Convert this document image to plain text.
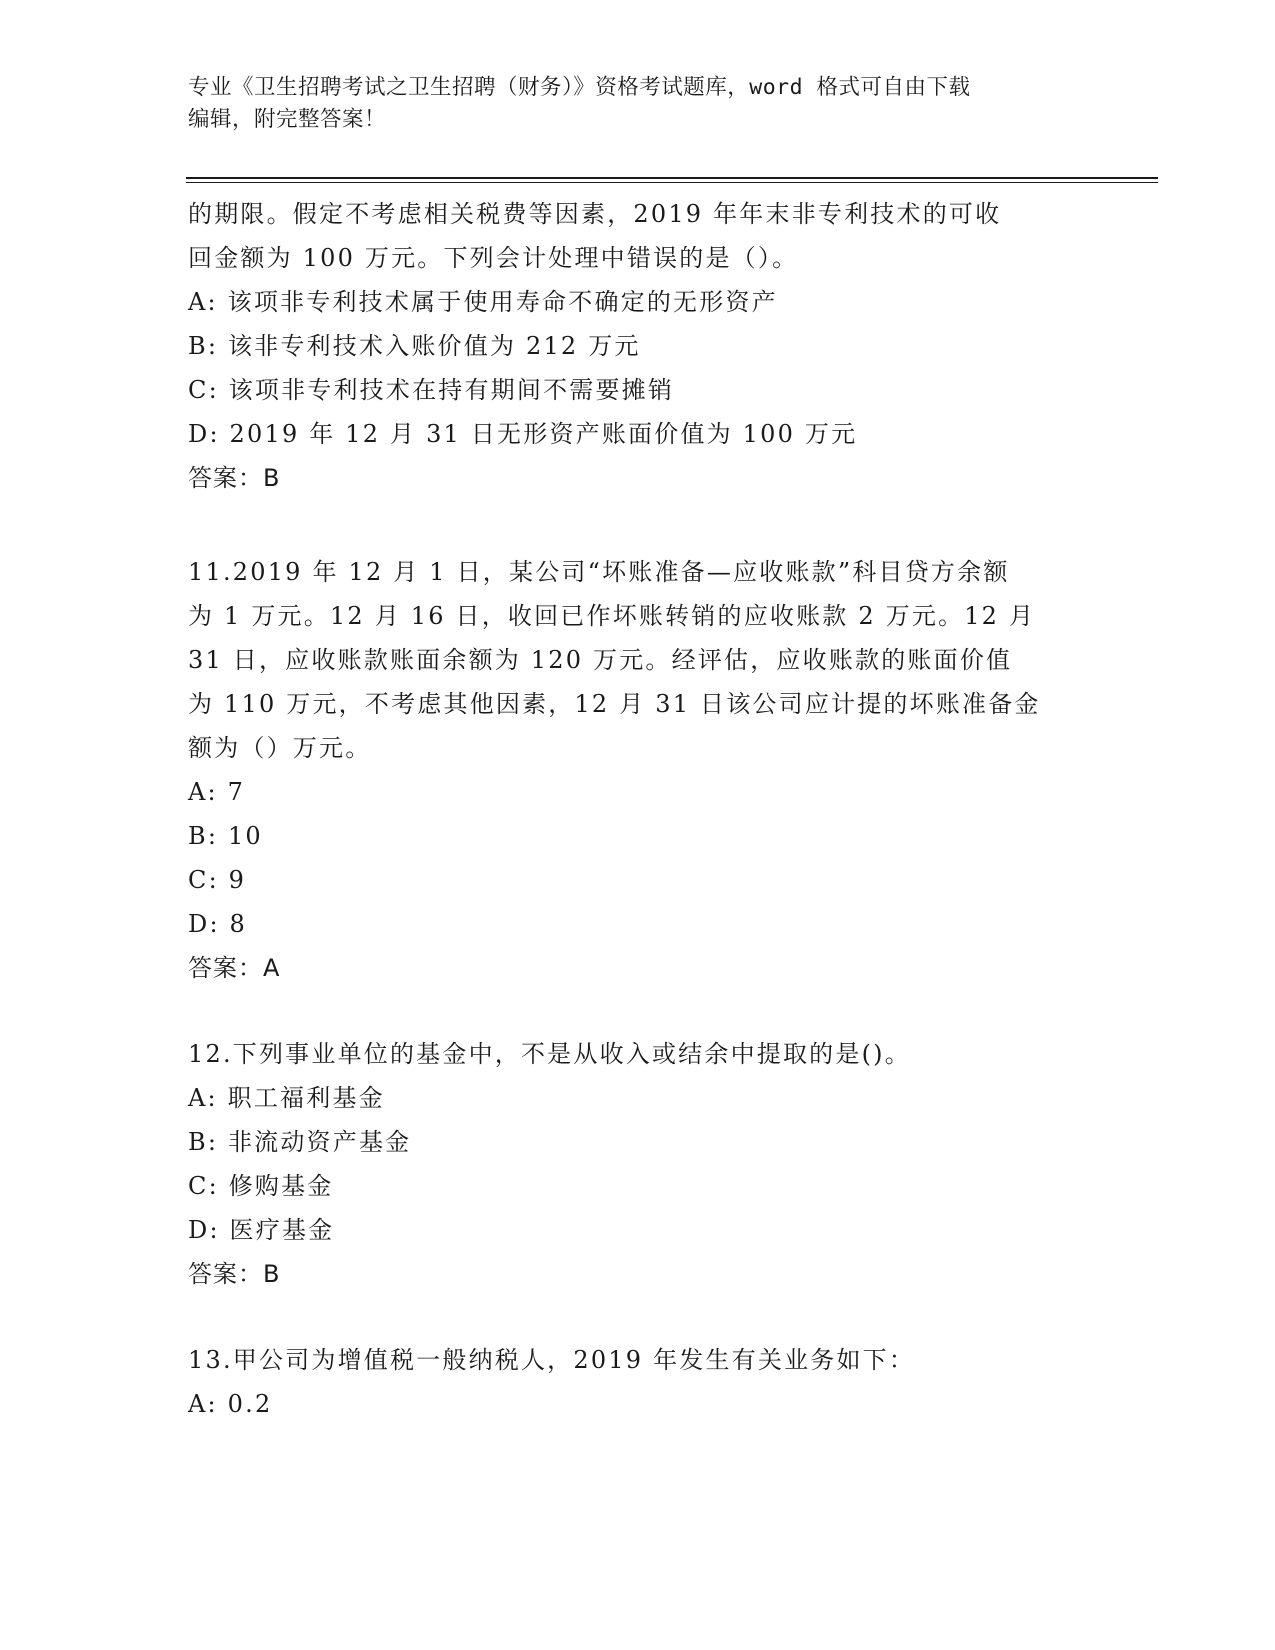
专业《卫生招聘考试之卫生招聘（财务）》资格考试题库，word 格式可自由下载
编辑，附完整答案！
的期限。假定不考虑相关税费等因素，2019 年年末非专利技术的可收
回金额为 100 万元。下列会计处理中错误的是（）。
A: 该项非专利技术属于使用寿命不确定的无形资产
B: 该非专利技术入账价值为 212 万元
C: 该项非专利技术在持有期间不需要摊销
D: 2019 年 12 月 31 日无形资产账面价值为 100 万元
答案：B
11.2019 年 12 月 1 日，某公司“坏账准备—应收账款”科目贷方余额
为 1 万元。12 月 16 日，收回已作坏账转销的应收账款 2 万元。12 月
31 日，应收账款账面余额为 120 万元。经评估，应收账款的账面价值
为 110 万元，不考虑其他因素，12 月 31 日该公司应计提的坏账准备金
额为（）万元。
A: 7
B: 10
C: 9
D: 8
答案：A
12.下列事业单位的基金中，不是从收入或结余中提取的是()。
A: 职工福利基金
B: 非流动资产基金
C: 修购基金
D: 医疗基金
答案：B
13.甲公司为增值税一般纳税人，2019 年发生有关业务如下：
A: 0.2
